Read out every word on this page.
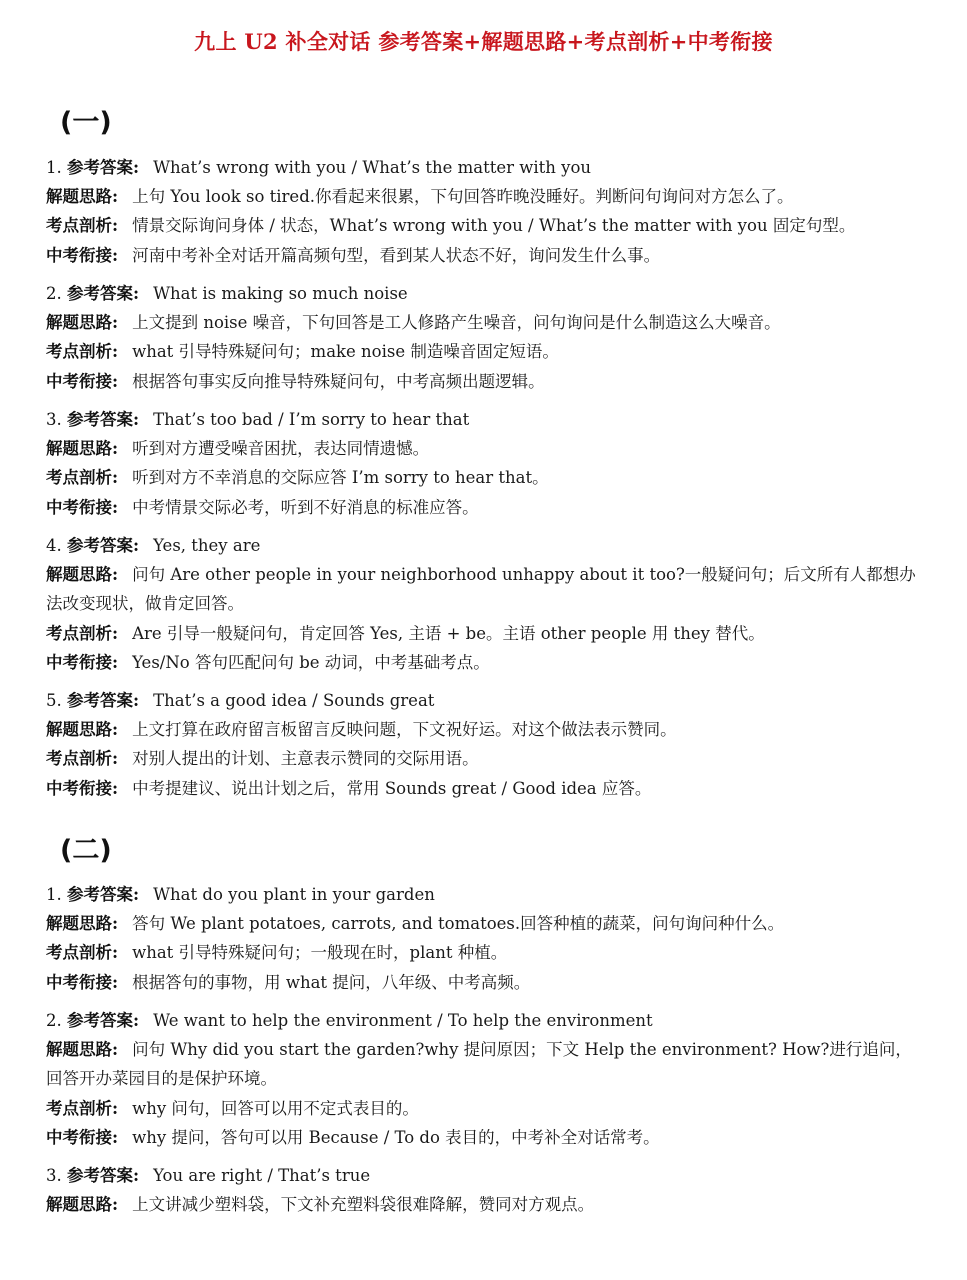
九上 U2 补全对话 参考答案+解题思路+考点剖析+中考衔接
(一)
1. 参考答案: What’s wrong with you / What’s the matter with you
解题思路: 上句 You look so tired.你看起来很累，下句回答昨晚没睡好。判断问句询问对方怎么了。
考点剖析: 情景交际询问身体 / 状态，What’s wrong with you / What’s the matter with you 固定句型。
中考衔接: 河南中考补全对话开篇高频句型，看到某人状态不好，询问发生什么事。
2. 参考答案: What is making so much noise
解题思路: 上文提到 noise 噪音，下句回答是工人修路产生噪音，问句询问是什么制造这么大噪音。
考点剖析: what 引导特殊疑问句；make noise 制造噪音固定短语。
中考衔接: 根据答句事实反向推导特殊疑问句，中考高频出题逻辑。
3. 参考答案: That’s too bad / I’m sorry to hear that
解题思路: 听到对方遭受噪音困扰，表达同情遗憾。
考点剖析: 听到对方不幸消息的交际应答 I’m sorry to hear that。
中考衔接: 中考情景交际必考，听到不好消息的标准应答。
4. 参考答案: Yes, they are
解题思路: 问句 Are other people in your neighborhood unhappy about it too?一般疑问句；后文所有人都想办法改变现状，做肯定回答。
考点剖析: Are 引导一般疑问句，肯定回答 Yes, 主语 + be。主语 other people 用 they 替代。
中考衔接: Yes/No 答句匹配问句 be 动词，中考基础考点。
5. 参考答案: That’s a good idea / Sounds great
解题思路: 上文打算在政府留言板留言反映问题，下文祝好运。对这个做法表示赞同。
考点剖析: 对别人提出的计划、主意表示赞同的交际用语。
中考衔接: 中考提建议、说出计划之后，常用 Sounds great / Good idea 应答。
(二)
1. 参考答案: What do you plant in your garden
解题思路: 答句 We plant potatoes, carrots, and tomatoes.回答种植的蔬菜，问句询问种什么。
考点剖析: what 引导特殊疑问句；一般现在时，plant 种植。
中考衔接: 根据答句的事物，用 what 提问，八年级、中考高频。
2. 参考答案: We want to help the environment / To help the environment
解题思路: 问句 Why did you start the garden?why 提问原因；下文 Help the environment? How?进行追问，回答开办菜园目的是保护环境。
考点剖析: why 问句，回答可以用不定式表目的。
中考衔接: why 提问，答句可以用 Because / To do 表目的，中考补全对话常考。
3. 参考答案: You are right / That’s true
解题思路: 上文讲减少塑料袋，下文补充塑料袋很难降解，赞同对方观点。
